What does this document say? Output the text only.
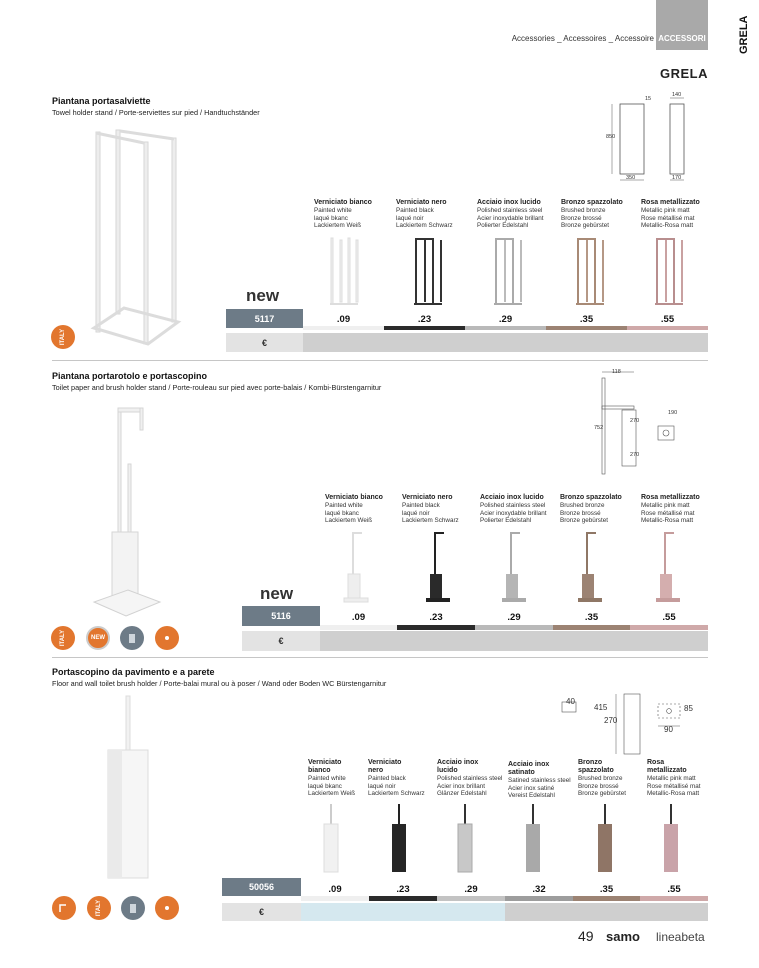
Accessories _ Accessoires _ Accessoire ACCESSORI	GRELA
GRELA
Piantana portasalviette
Towel holder stand / Porte-serviettes sur pied / Handtuchständer
15
140
850
350	170
Verniciato bianco
Painted white
laqué bkanc
Lackiertem Weiß
Verniciato nero
Painted black
laqué noir
Lackiertem Schwarz
Acciaio inox lucido
Polished stainless steel
Acier inoxydable brillant
Polierter Edelstahl
Bronzo spazzolato
Brushed bronze
Bronze brossé
Bronze gebürstet
Rosa metallizzato
Metallic pink matt
Rose métallisé mat
Metallic-Rosa matt
new
5117
€
.09	.23	.29	.35	.55
ITALY
Piantana portarotolo e portascopino
Toilet paper and brush holder stand / Porte-rouleau sur pied avec porte-balais / Kombi-Bürstengarnitur
118
752
270
190
270
Verniciato bianco
Painted white
laqué bkanc
Lackiertem Weiß
Verniciato nero
Painted black
laqué noir
Lackiertem Schwarz
Acciaio inox lucido
Polished stainless steel
Acier inoxydable brillant
Polierter Edelstahl
Bronzo spazzolato
Brushed bronze
Bronze brossé
Bronze gebürstet
Rosa metallizzato
Metallic pink matt
Rose métallisé mat
Metallic-Rosa matt
new
5116
€
.09	.23	.29	.35	.55
ITALY	NEW
Portascopino da pavimento e a parete
Floor and wall toilet brush holder / Porte-balai mural ou à poser / Wand oder Boden WC Bürstengarnitur
40
415
270
85
90
Verniciato
bianco
Painted white
laqué bkanc
Lackiertem Weiß
Verniciato
nero
Painted black
laqué noir
Lackiertem Schwarz
Acciaio inox
lucido
Polished stainless steel
Acier inox brillant
Glänzer Edelstahl
Acciaio inox
satinato
Satined stainless steel
Acier inox satiné
Vereist Edelstahl
Bronzo
spazzolato
Brushed bronze
Bronze brossé
Bronze gebürstet
Rosa
metallizzato
Metallic pink matt
Rose métallisé mat
Metallic-Rosa matt
50056
€
.09	.23	.29	.32	.35	.55
ITALY
49 samo lineabeta
